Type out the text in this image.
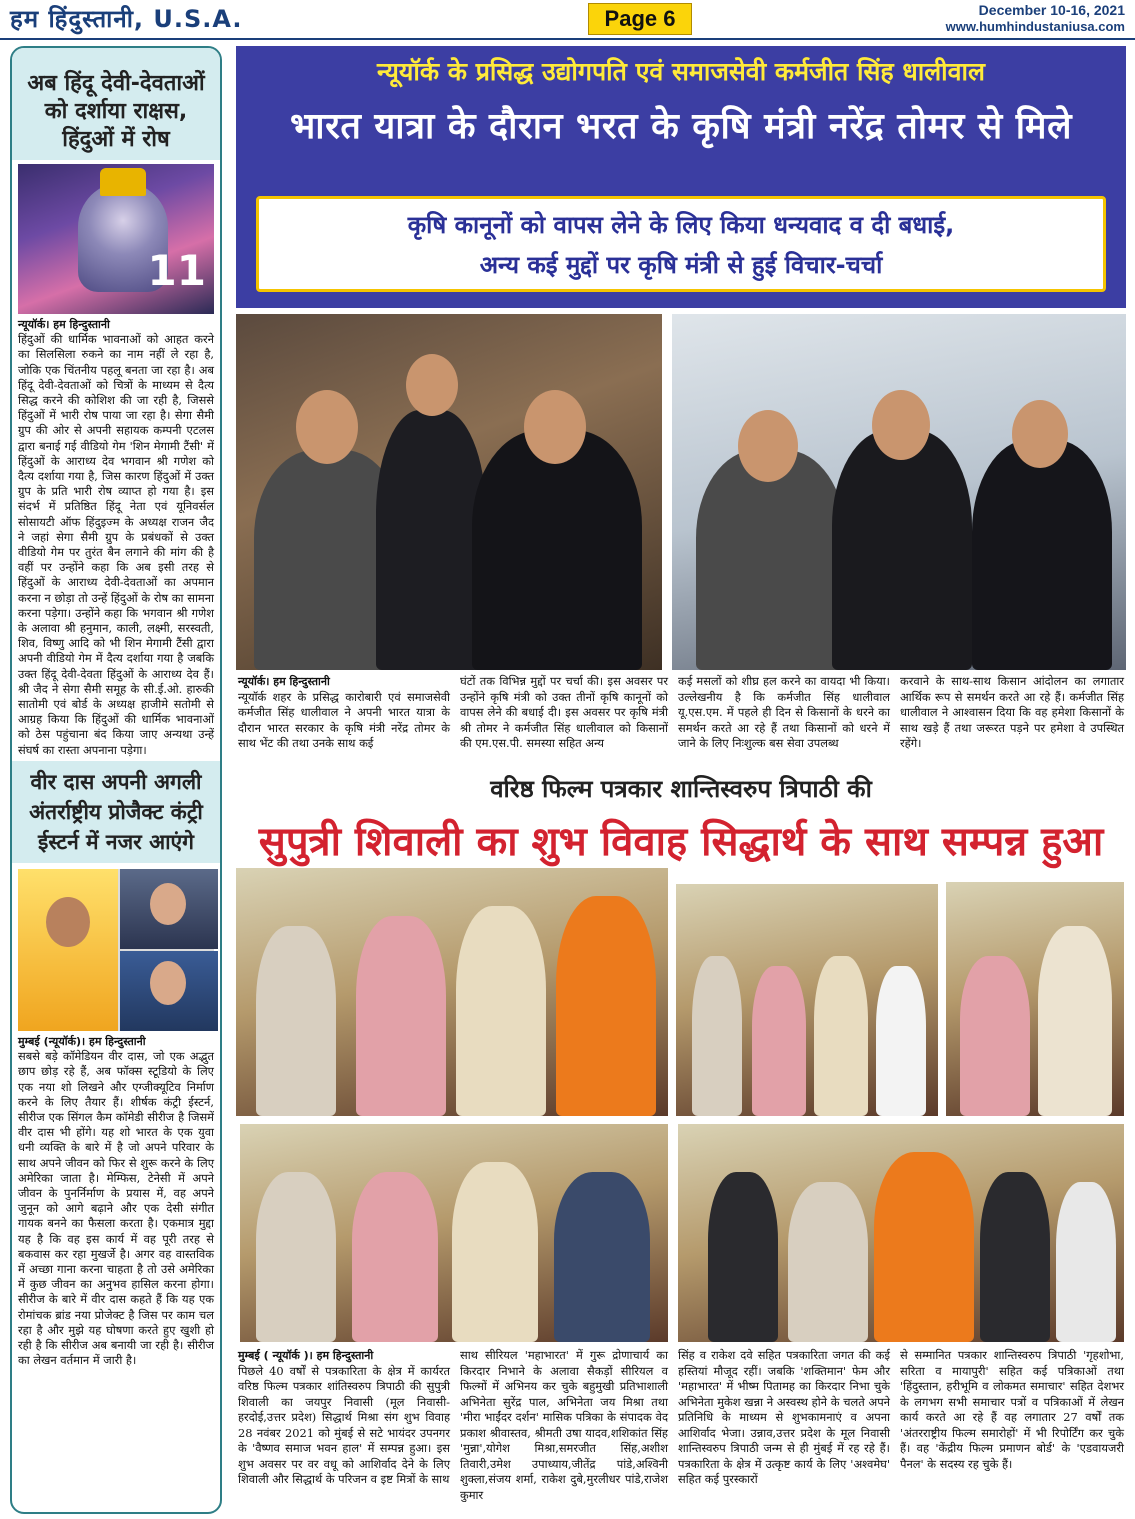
हम हिंदुस्तानी, U.S.A.	Page 6	December 10-16, 2021
www.humhindustaniusa.com
अब हिंदू देवी-देवताओं को दर्शाया राक्षस, हिंदुओं में रोष
11
न्यूयॉर्क। हम हिन्दुस्तानी
हिंदुओं की धार्मिक भावनाओं को आहत करने का सिलसिला रुकने का नाम नहीं ले रहा है, जोकि एक चिंतनीय पहलू बनता जा रहा है। अब हिंदू देवी-देवताओं को चित्रों के माध्यम से दैत्य सिद्ध करने की कोशिश की जा रही है, जिससे हिंदुओं में भारी रोष पाया जा रहा है। सेगा सैमी ग्रुप की ओर से अपनी सहायक कम्पनी एटलस द्वारा बनाई गई वीडियो गेम 'शिन मेगामी टैंसी' में हिंदुओं के आराध्य देव भगवान श्री गणेश को दैत्य दर्शाया गया है, जिस कारण हिंदुओं में उक्त ग्रुप के प्रति भारी रोष व्याप्त हो गया है। इस संदर्भ में प्रतिष्ठित हिंदू नेता एवं यूनिवर्सल सोसायटी ऑफ हिंदुइज्म के अध्यक्ष राजन जैद ने जहां सेगा सैमी ग्रुप के प्रबंधकों से उक्त वीडियो गेम पर तुरंत बैन लगाने की मांग की है वहीं पर उन्होंने कहा कि अब इसी तरह से हिंदुओं के आराध्य देवी-देवताओं का अपमान करना न छोड़ा तो उन्हें हिंदुओं के रोष का सामना करना पड़ेगा। उन्होंने कहा कि भगवान श्री गणेश के अलावा श्री हनुमान, काली, लक्ष्मी, सरस्वती, शिव, विष्णु आदि को भी शिन मेगामी टैंसी द्वारा अपनी वीडियो गेम में दैत्य दर्शाया गया है जबकि उक्त हिंदू देवी-देवता हिंदुओं के आराध्य देव हैं। श्री जैद ने सेगा सैमी समूह के सी.ई.ओ. हारुकी सातोमी एवं बोर्ड के अध्यक्ष हाजीमे सतोमी से आग्रह किया कि हिंदुओं की धार्मिक भावनाओं को ठेस पहुंचाना बंद किया जाए अन्यथा उन्हें संघर्ष का रास्ता अपनाना पड़ेगा।
वीर दास अपनी अगली अंतर्राष्ट्रीय प्रोजैक्ट कंट्री ईस्टर्न में नजर आएंगे
मुम्बई (न्यूयॉर्क)। हम हिन्दुस्तानी
सबसे बड़े कॉमेडियन वीर दास, जो एक अद्भुत छाप छोड़ रहे हैं, अब फॉक्स स्टूडियो के लिए एक नया शो लिखने और एग्जीक्यूटिव निर्माण करने के लिए तैयार हैं। शीर्षक कंट्री ईस्टर्न, सीरीज एक सिंगल कैम कॉमेडी सीरीज है जिसमें वीर दास भी होंगे। यह शो भारत के एक युवा धनी व्यक्ति के बारे में है जो अपने परिवार के साथ अपने जीवन को फिर से शुरू करने के लिए अमेरिका जाता है। मेम्फिस, टेनेसी में अपने जीवन के पुनर्निर्माण के प्रयास में, वह अपने जुनून को आगे बढ़ाने और एक देसी संगीत गायक बनने का फैसला करता है। एकमात्र मुद्दा यह है कि वह इस कार्य में वह पूरी तरह से बकवास कर रहा मुखर्जे है। अगर वह वास्तविक में अच्छा गाना करना चाहता है तो उसे अमेरिका में कुछ जीवन का अनुभव हासिल करना होगा। सीरीज के बारे में वीर दास कहते हैं कि यह एक रोमांचक ब्रांड नया प्रोजेक्ट है जिस पर काम चल रहा है और मुझे यह घोषणा करते हुए खुशी हो रही है कि सीरीज अब बनायी जा रही है। सीरीज का लेखन वर्तमान में जारी है।
न्यूयॉर्क के प्रसिद्ध उद्योगपति एवं समाजसेवी कर्मजीत सिंह धालीवाल
भारत यात्रा के दौरान भरत के कृषि मंत्री नरेंद्र तोमर से मिले
कृषि कानूनों को वापस लेने के लिए किया धन्यवाद व दी बधाई,
अन्य कई मुद्दों पर कृषि मंत्री से हुई विचार-चर्चा
न्यूयॉर्क। हम हिन्दुस्तानी
न्यूयॉर्क शहर के प्रसिद्ध कारोबारी एवं समाजसेवी कर्मजीत सिंह धालीवाल ने अपनी भारत यात्रा के दौरान भारत सरकार के कृषि मंत्री नरेंद्र तोमर के साथ भेंट की तथा उनके साथ कई
घंटों तक विभिन्न मुद्दों पर चर्चा की। इस अवसर पर उन्होंने कृषि मंत्री को उक्त तीनों कृषि कानूनों को वापस लेने की बधाई दी। इस अवसर पर कृषि मंत्री श्री तोमर ने कर्मजीत सिंह धालीवाल को किसानों की एम.एस.पी. समस्या सहित अन्य
कई मसलों को शीघ्र हल करने का वायदा भी किया। उल्लेखनीय है कि कर्मजीत सिंह धालीवाल यू.एस.एम. में पहले ही दिन से किसानों के धरने का समर्थन करते आ रहे हैं तथा किसानों को धरने में जाने के लिए निःशुल्क बस सेवा उपलब्ध
करवाने के साथ-साथ किसान आंदोलन का लगातार आर्थिक रूप से समर्थन करते आ रहे हैं। कर्मजीत सिंह धालीवाल ने आश्वासन दिया कि वह हमेशा किसानों के साथ खड़े हैं तथा जरूरत पड़ने पर हमेशा वे उपस्थित रहेंगे।
वरिष्ठ फिल्म पत्रकार शान्तिस्वरुप त्रिपाठी की
सुपुत्री शिवाली का शुभ विवाह सिद्धार्थ के साथ सम्पन्न हुआ
मुम्बई ( न्यूयॉर्क )। हम हिन्दुस्तानी
पिछले 40 वर्षों से पत्रकारिता के क्षेत्र में कार्यरत वरिष्ठ फिल्म पत्रकार शांतिस्वरुप त्रिपाठी की सुपुत्री शिवाली का जयपुर निवासी (मूल निवासी- हरदोई,उत्तर प्रदेश) सिद्धार्थ मिश्रा संग शुभ विवाह 28 नवंबर 2021 को मुंबई से सटे भायंदर उपनगर के 'वैष्णव समाज भवन हाल' में सम्पन्न हुआ। इस शुभ अवसर पर वर वधू को आशिर्वाद देने के लिए शिवाली और सिद्धार्थ के परिजन व इष्ट मित्रों के साथ
साथ सीरियल 'महाभारत' में गुरू द्रोणाचार्य का किरदार निभाने के अलावा सैकड़ों सीरियल व फिल्मों में अभिनय कर चुके बहुमुखी प्रतिभाशाली अभिनेता सुरेंद्र पाल, अभिनेता जय मिश्रा तथा 'मीरा भाईंदर दर्शन' मासिक पत्रिका के संपादक वेद प्रकाश श्रीवास्तव, श्रीमती उषा यादव,शशिकांत सिंह 'मुन्ना',योगेश मिश्रा,समरजीत सिंह,अशीश तिवारी,उमेश उपाध्याय,जीतेंद्र पांडे,अश्विनी शुक्ला,संजय शर्मा, राकेश दुबे,मुरलीधर पांडे,राजेश कुमार
सिंह व राकेश दवे सहित पत्रकारिता जगत की कई हस्तियां मौजूद रहीं। जबकि 'शक्तिमान' फेम और 'महाभारत' में भीष्म पितामह का किरदार निभा चुके अभिनेता मुकेश खन्ना ने अस्वस्थ होने के चलते अपने प्रतिनिधि के माध्यम से शुभकामनाएं व अपना आशिर्वाद भेजा। उन्नाव,उत्तर प्रदेश के मूल निवासी शान्तिस्वरुप त्रिपाठी जन्म से ही मुंबई में रह रहे हैं।पत्रकारिता के क्षेत्र में उत्कृष्ट कार्य के लिए 'अश्वमेघ' सहित कई पुरस्कारों
से सम्मानित पत्रकार शान्तिस्वरुप त्रिपाठी 'गृहशोभा, सरिता व मायापुरी' सहित कई पत्रिकाओं तथा 'हिंदुस्तान, हरीभूमि व लोकमत समाचार' सहित देशभर के लगभग सभी समाचार पत्रों व पत्रिकाओं में लेखन कार्य करते आ रहे हैं वह लगातार 27 वर्षों तक 'अंतरराष्ट्रीय फिल्म समारोहों' में भी रिपोर्टिंग कर चुके हैं। वह 'केंद्रीय फिल्म प्रमाणन बोर्ड' के 'एडवायजरी पैनल' के सदस्य रह चुके हैं।
